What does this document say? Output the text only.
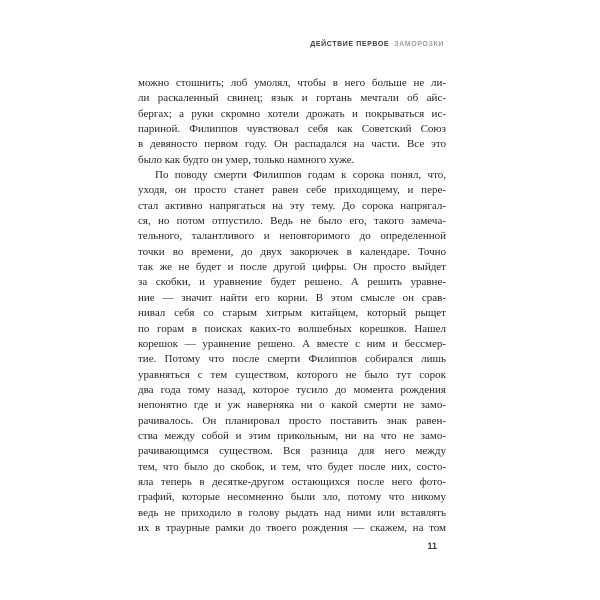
ДЕЙСТВИЕ ПЕРВОЕ ЗАМОРОЗКИ
можно стошнить; лоб умолял, чтобы в него больше не ли-
ли раскаленный свинец; язык и гортань мечтали об айс-
бергах; а руки скромно хотели дрожать и покрываться ис-
париной. Филиппов чувствовал себя как Советский Союз
в девяносто первом году. Он распадался на части. Все это
было как будто он умер, только намного хуже.
По поводу смерти Филиппов годам к сорока понял, что,
уходя, он просто станет равен себе приходящему, и пере-
стал активно напрягаться на эту тему. До сорока напрягал-
ся, но потом отпустило. Ведь не было его, такого замеча-
тельного, талантливого и неповторимого до определенной
точки во времени, до двух закорючек в календаре. Точно
так же не будет и после другой цифры. Он просто выйдет
за скобки, и уравнение будет решено. А решить уравне-
ние — значит найти его корни. В этом смысле он срав-
нивал себя со старым хитрым китайцем, который рыщет
по горам в поисках каких-то волшебных корешков. Нашел
корешок — уравнение решено. А вместе с ним и бессмер-
тие. Потому что после смерти Филиппов собирался лишь
уравняться с тем существом, которого не было тут сорок
два года тому назад, которое тусило до момента рождения
непонятно где и уж наверняка ни о какой смерти не замо-
рачивалось. Он планировал просто поставить знак равен-
ства между собой и этим прикольным, ни на что не замо-
рачивающимся существом. Вся разница для него между
тем, что было до скобок, и тем, что будет после них, состо-
яла теперь в десятке-другом остающихся после него фото-
графий, которые несомненно были зло, потому что никому
ведь не приходило в голову рыдать над ними или вставлять
их в траурные рамки до твоего рождения — скажем, на том
11
